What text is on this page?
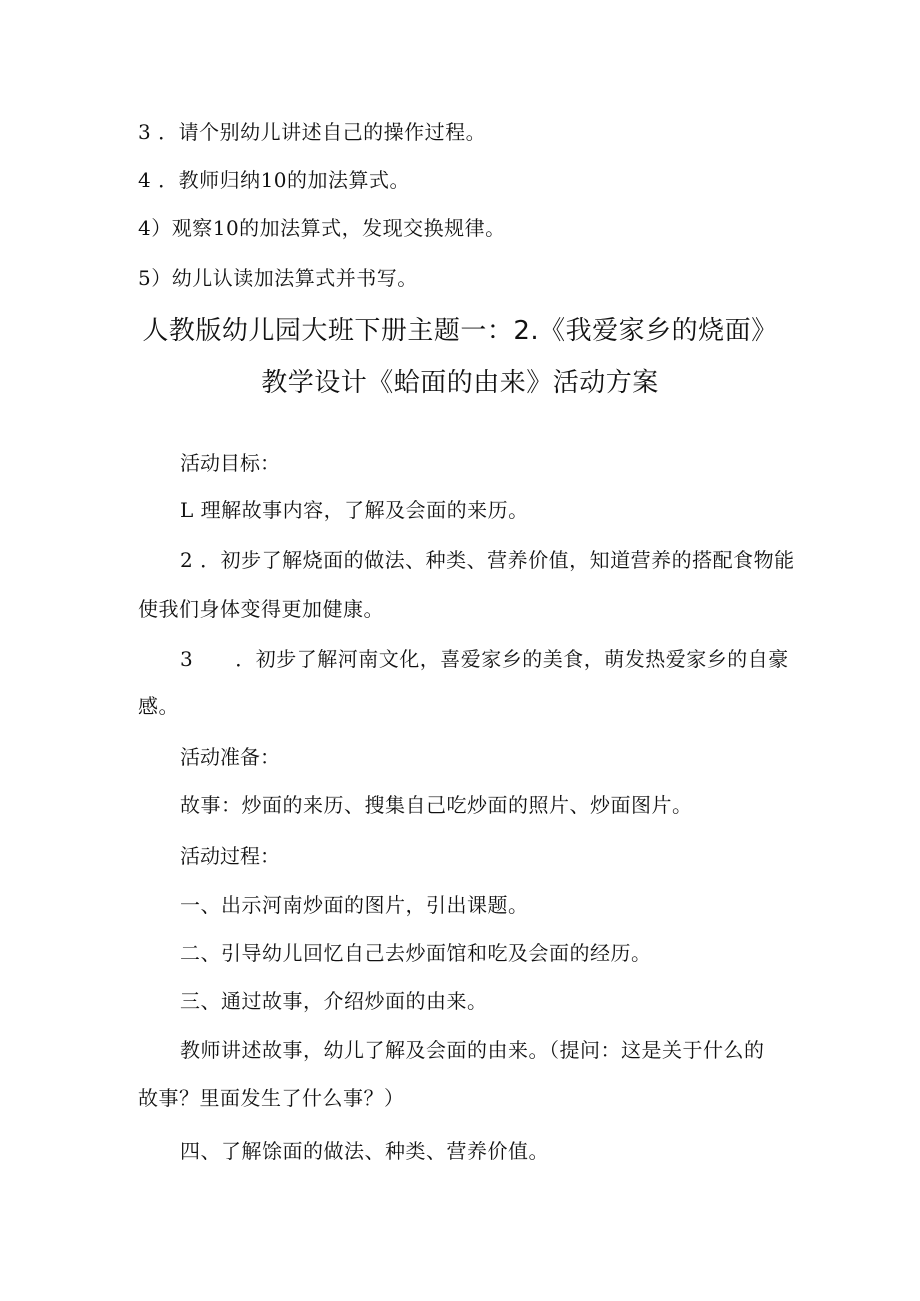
3 ．请个别幼儿讲述自己的操作过程。
4 ．教师归纳10的加法算式。
4）观察10的加法算式，发现交换规律。
5）幼儿认读加法算式并书写。
人教版幼儿园大班下册主题一：2.《我爱家乡的烧面》
教学设计《蛤面的由来》活动方案
活动目标：
L 理解故事内容，了解及会面的来历。
2 ．初步了解烧面的做法、种类、营养价值，知道营养的搭配食物能
使我们身体变得更加健康。
3 ．初步了解河南文化，喜爱家乡的美食，萌发热爱家乡的自豪
感。
活动准备：
故事：炒面的来历、搜集自己吃炒面的照片、炒面图片。
活动过程：
一、出示河南炒面的图片，引出课题。
二、引导幼儿回忆自己去炒面馆和吃及会面的经历。
三、通过故事，介绍炒面的由来。
教师讲述故事，幼儿了解及会面的由来。（提问：这是关于什么的
故事？里面发生了什么事？）
四、了解馀面的做法、种类、营养价值。
